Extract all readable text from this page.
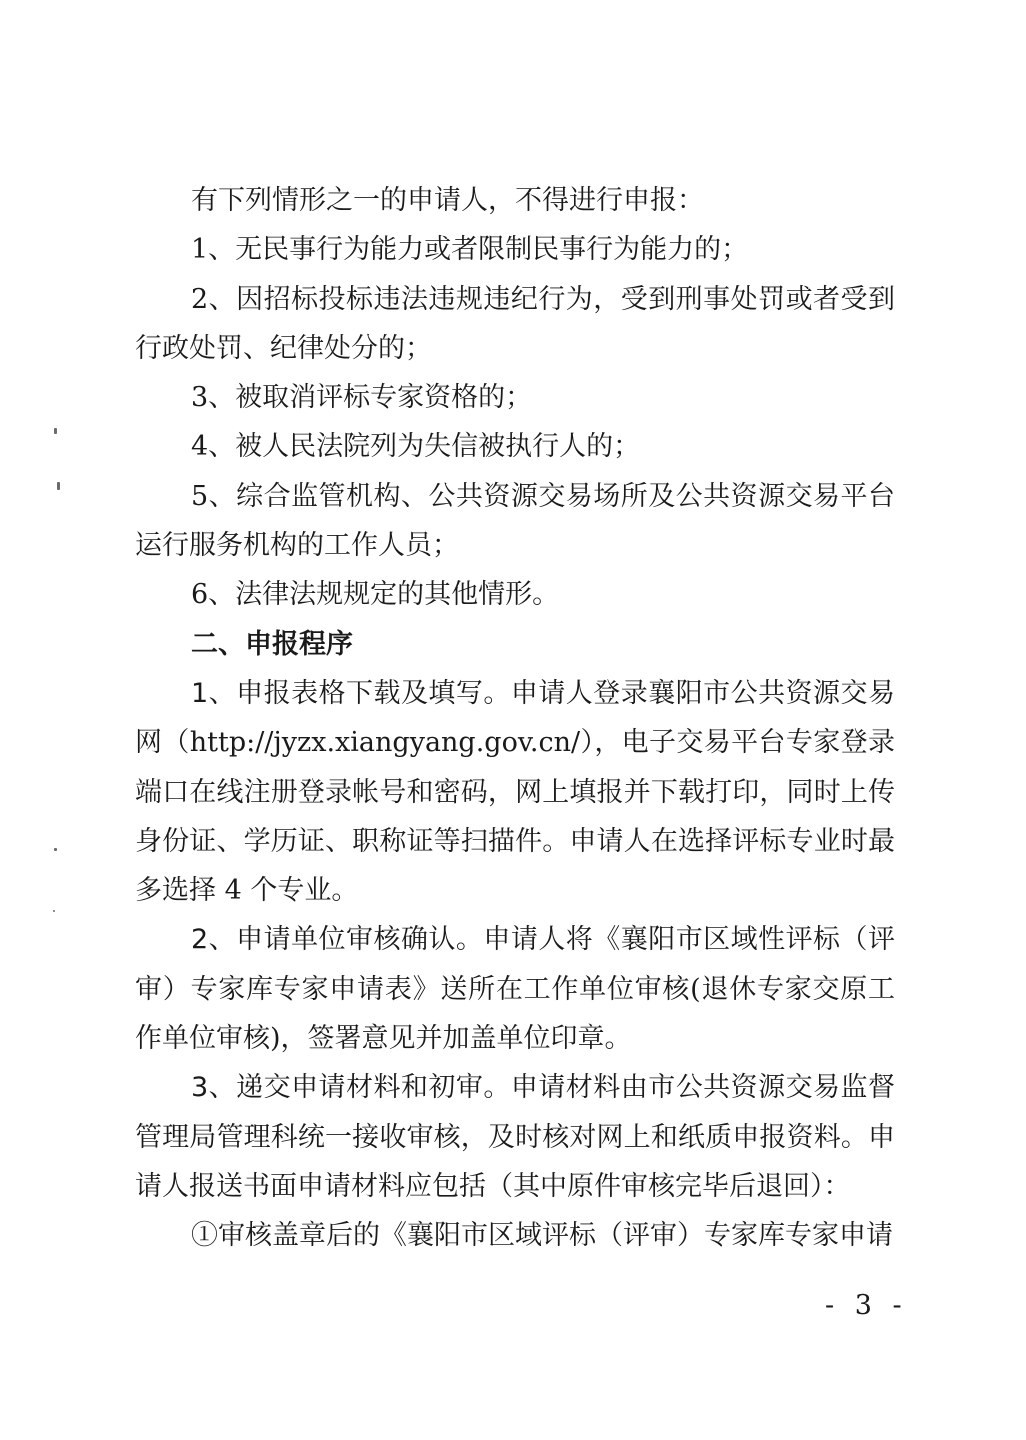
有下列情形之一的申请人，不得进行申报：

1、无民事行为能力或者限制民事行为能力的；

2、因招标投标违法违规违纪行为，受到刑事处罚或者受到行政处罚、纪律处分的；

3、被取消评标专家资格的；

4、被人民法院列为失信被执行人的；

5、综合监管机构、公共资源交易场所及公共资源交易平台运行服务机构的工作人员；

6、法律法规规定的其他情形。

二、申报程序

1、申报表格下载及填写。申请人登录襄阳市公共资源交易网（http://jyzx.xiangyang.gov.cn/），电子交易平台专家登录端口在线注册登录帐号和密码，网上填报并下载打印，同时上传身份证、学历证、职称证等扫描件。申请人在选择评标专业时最多选择 4 个专业。

2、申请单位审核确认。申请人将《襄阳市区域性评标（评审）专家库专家申请表》送所在工作单位审核(退休专家交原工作单位审核)，签署意见并加盖单位印章。

3、递交申请材料和初审。申请材料由市公共资源交易监督管理局管理科统一接收审核，及时核对网上和纸质申报资料。申请人报送书面申请材料应包括（其中原件审核完毕后退回）：

①审核盖章后的《襄阳市区域评标（评审）专家库专家申请

- 3 -
